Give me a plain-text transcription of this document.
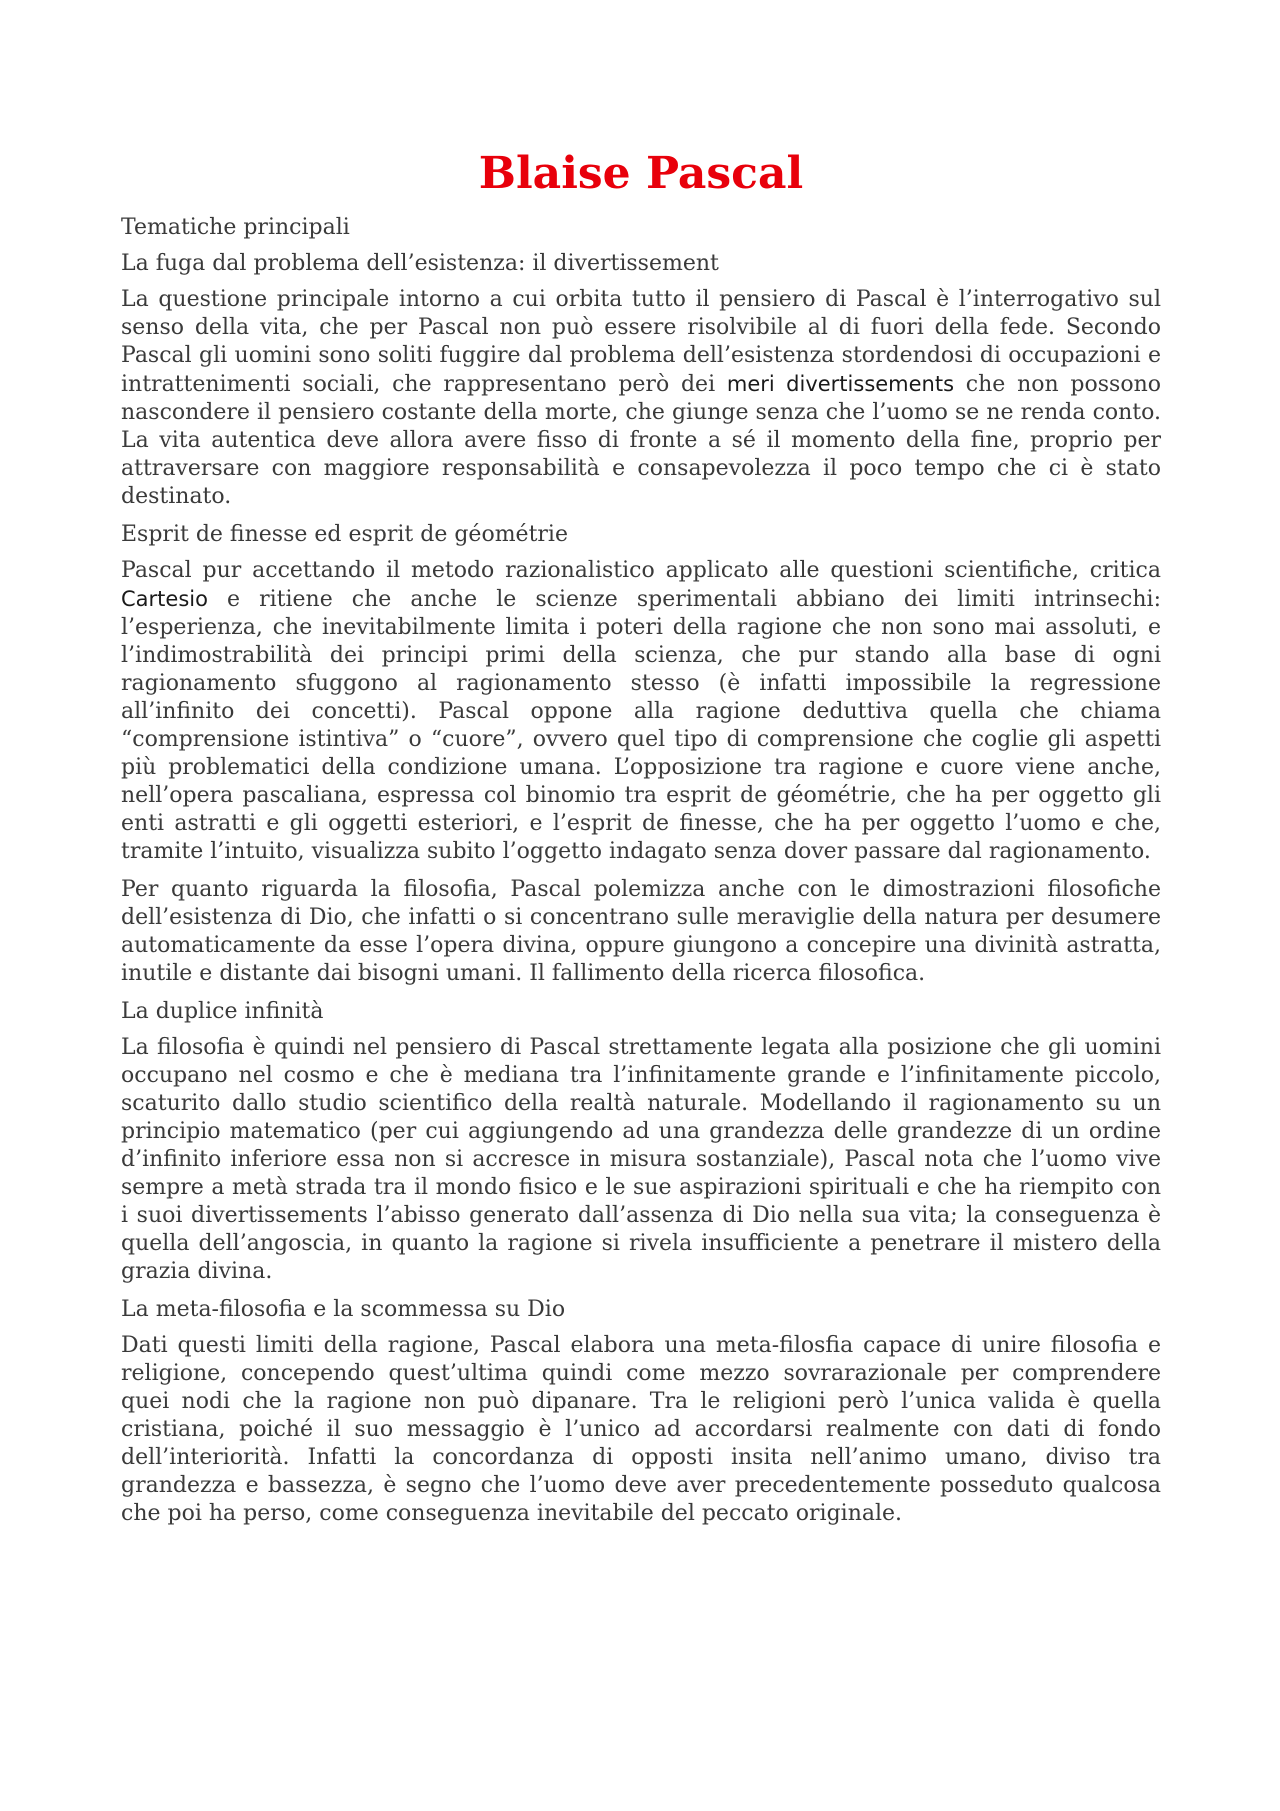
Blaise Pascal
Tematiche principali
La fuga dal problema dell’esistenza: il divertissement

La questione principale intorno a cui orbita tutto il pensiero di Pascal è l’interrogativo sul senso della vita, che per Pascal non può essere risolvibile al di fuori della fede. Secondo Pascal gli uomini sono soliti fuggire dal problema dell’esistenza stordendosi di occupazioni e intrattenimenti sociali, che rappresentano però dei meri divertissements che non possono nascondere il pensiero costante della morte, che giunge senza che l’uomo se ne renda conto. La vita autentica deve allora avere fisso di fronte a sé il momento della fine, proprio per attraversare con maggiore responsabilità e consapevolezza il poco tempo che ci è stato destinato.

Esprit de finesse ed esprit de géométrie

Pascal pur accettando il metodo razionalistico applicato alle questioni scientifiche, critica Cartesio e ritiene che anche le scienze sperimentali abbiano dei limiti intrinsechi: l’esperienza, che inevitabilmente limita i poteri della ragione che non sono mai assoluti, e l’indimostrabilità dei principi primi della scienza, che pur stando alla base di ogni ragionamento sfuggono al ragionamento stesso (è infatti impossibile la regressione all’infinito dei concetti). Pascal oppone alla ragione deduttiva quella che chiama “comprensione istintiva” o “cuore”, ovvero quel tipo di comprensione che coglie gli aspetti più problematici della condizione umana. L’opposizione tra ragione e cuore viene anche, nell’opera pascaliana, espressa col binomio tra esprit de géométrie, che ha per oggetto gli enti astratti e gli oggetti esteriori, e l’esprit de finesse, che ha per oggetto l’uomo e che, tramite l’intuito, visualizza subito l’oggetto indagato senza dover passare dal ragionamento.

Per quanto riguarda la filosofia, Pascal polemizza anche con le dimostrazioni filosofiche dell’esistenza di Dio, che infatti o si concentrano sulle meraviglie della natura per desumere automaticamente da esse l’opera divina, oppure giungono a concepire una divinità astratta, inutile e distante dai bisogni umani. Il fallimento della ricerca filosofica.

La duplice infinità

La filosofia è quindi nel pensiero di Pascal strettamente legata alla posizione che gli uomini occupano nel cosmo e che è mediana tra l’infinitamente grande e l’infinitamente piccolo, scaturito dallo studio scientifico della realtà naturale. Modellando il ragionamento su un principio matematico (per cui aggiungendo ad una grandezza delle grandezze di un ordine d’infinito inferiore essa non si accresce in misura sostanziale), Pascal nota che l’uomo vive sempre a metà strada tra il mondo fisico e le sue aspirazioni spirituali e che ha riempito con i suoi divertissements l’abisso generato dall’assenza di Dio nella sua vita; la conseguenza è quella dell’angoscia, in quanto la ragione si rivela insufficiente a penetrare il mistero della grazia divina.

La meta-filosofia e la scommessa su Dio

Dati questi limiti della ragione, Pascal elabora una meta-filosfia capace di unire filosofia e religione, concependo quest’ultima quindi come mezzo sovrarazionale per comprendere quei nodi che la ragione non può dipanare. Tra le religioni però l’unica valida è quella cristiana, poiché il suo messaggio è l’unico ad accordarsi realmente con dati di fondo dell’interiorità. Infatti la concordanza di opposti insita nell’animo umano, diviso tra grandezza e bassezza, è segno che l’uomo deve aver precedentemente posseduto qualcosa che poi ha perso, come conseguenza inevitabile del peccato originale.
